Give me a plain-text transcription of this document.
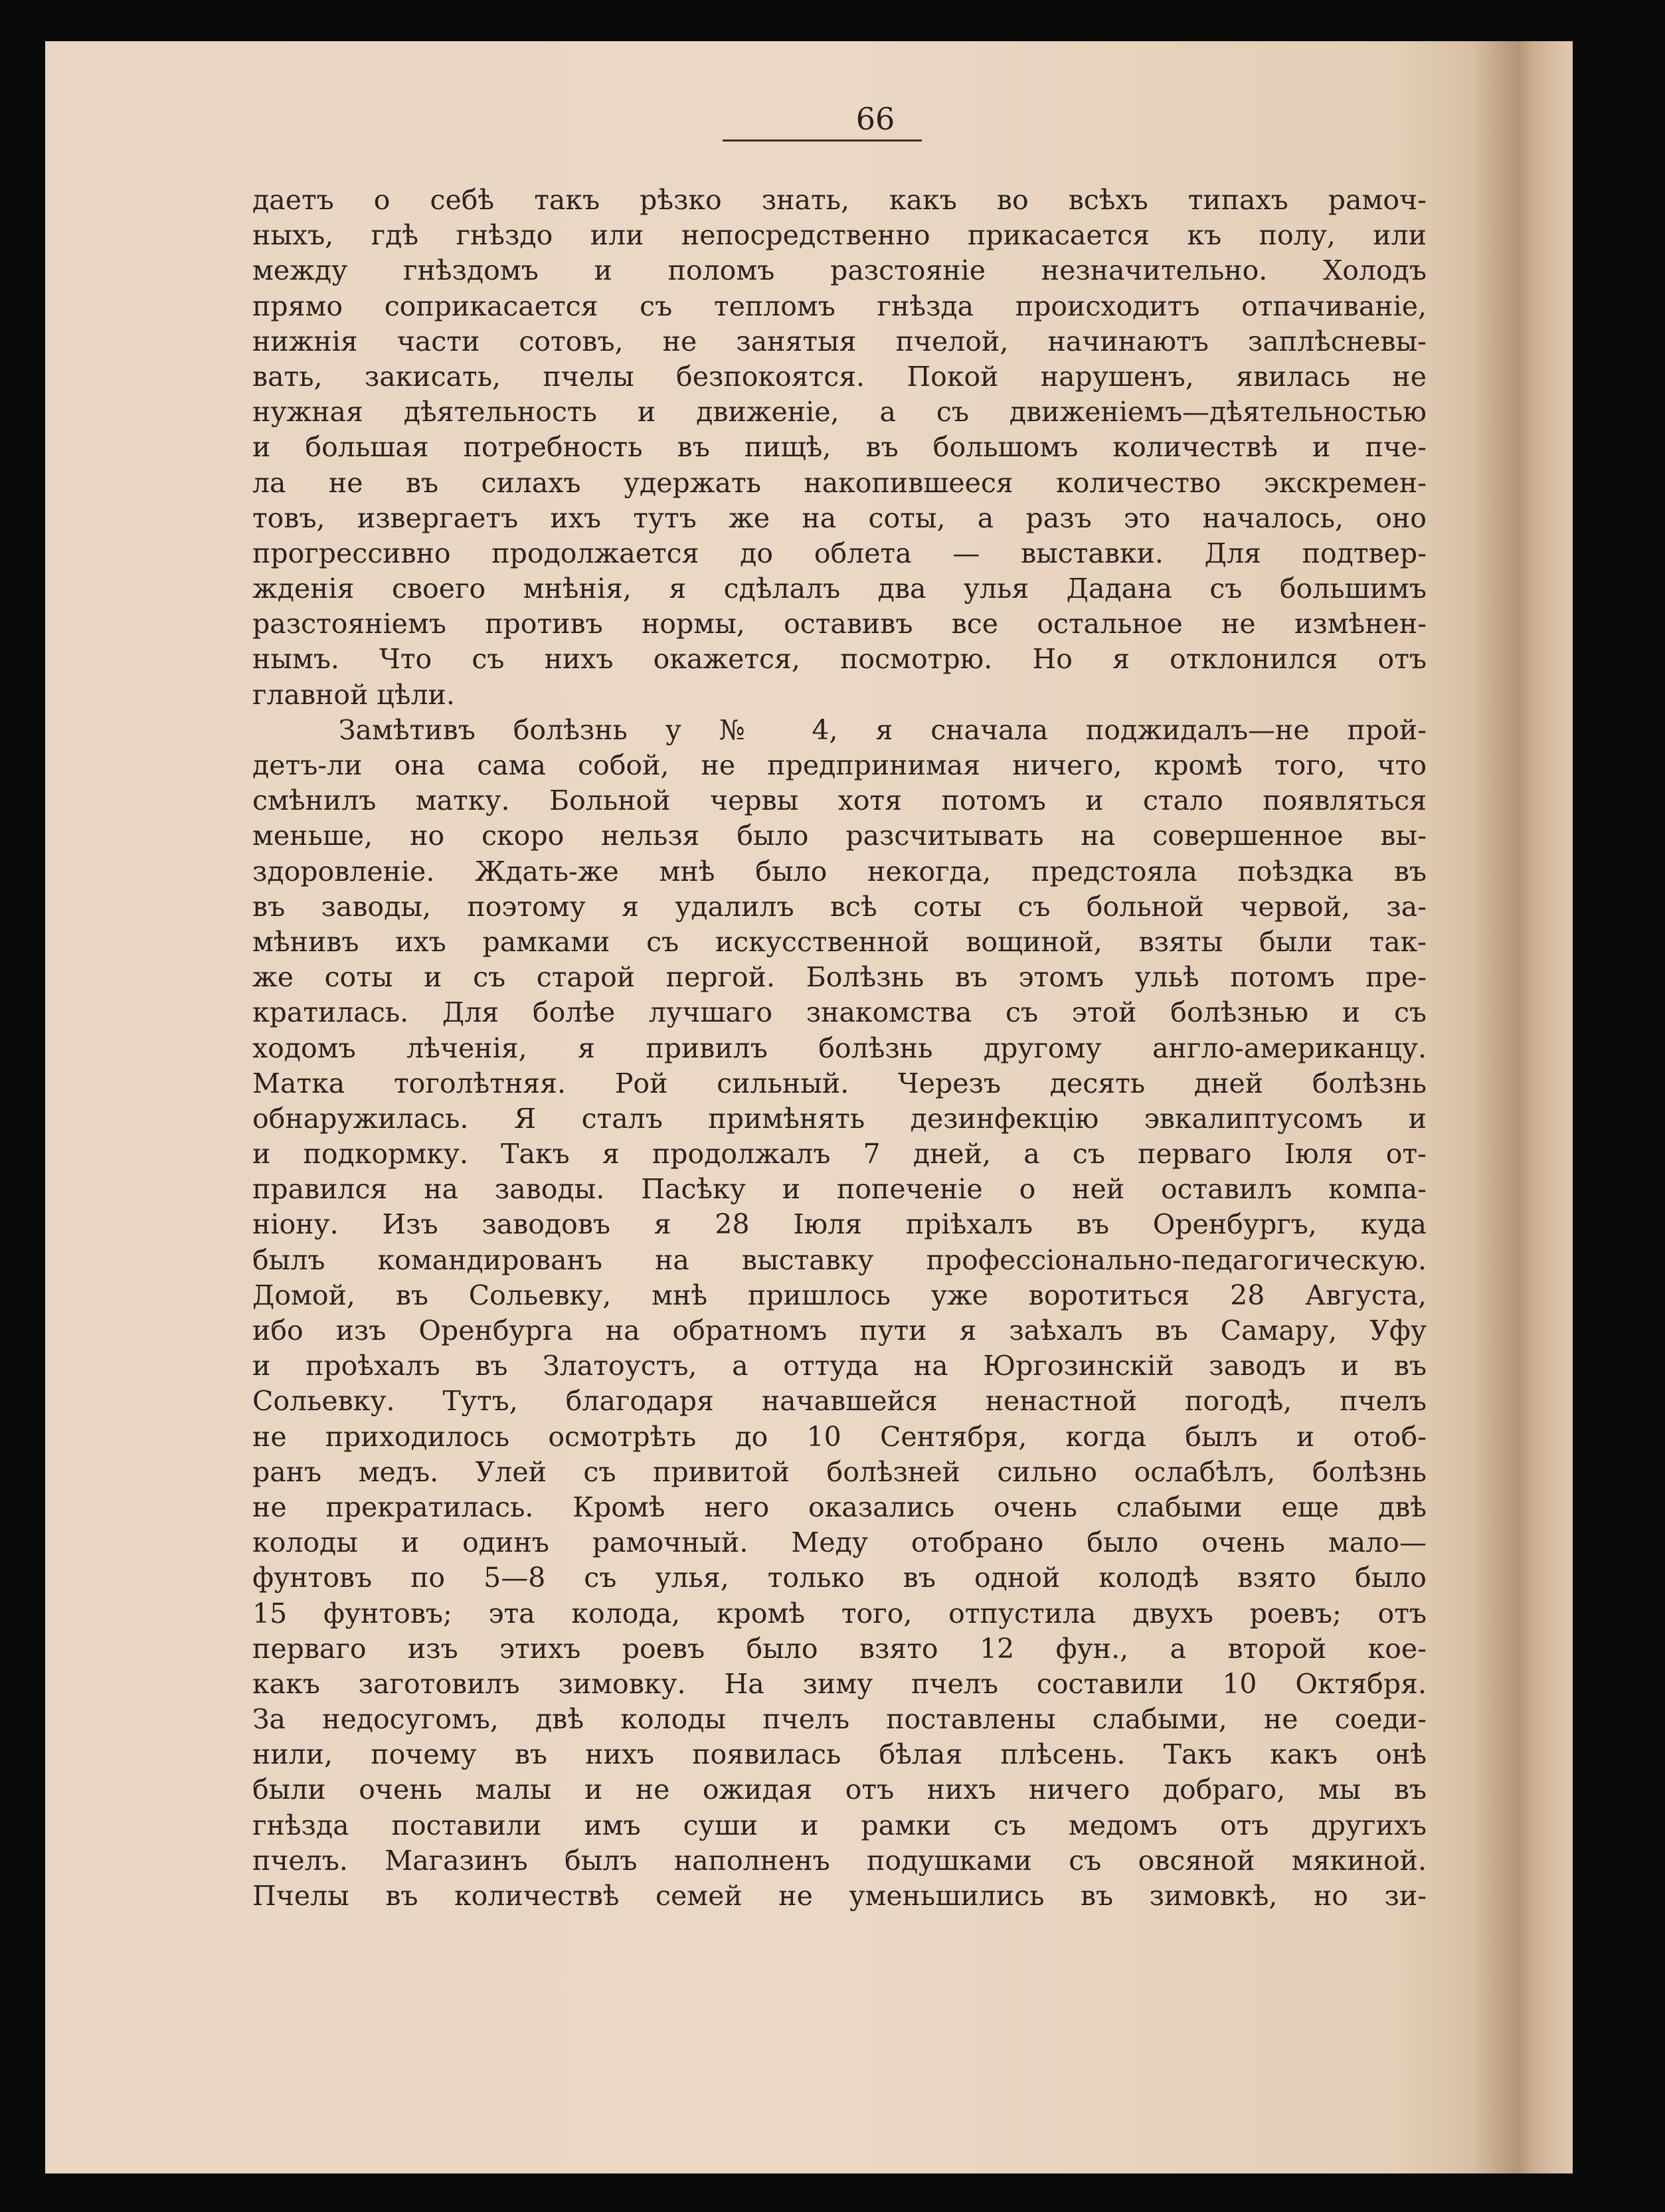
66
даетъ о себѣ такъ рѣзко знать, какъ во всѣхъ типахъ рамоч-
ныхъ, гдѣ гнѣздо или непосредственно прикасается къ полу, или
между гнѣздомъ и поломъ разстояніе незначительно. Холодъ
прямо соприкасается съ тепломъ гнѣзда происходитъ отпачиваніе,
нижнія части сотовъ, не занятыя пчелой, начинаютъ заплѣсневы-
вать, закисать, пчелы безпокоятся. Покой нарушенъ, явилась не
нужная дѣятельность и движеніе, а съ движеніемъ—дѣятельностью
и большая потребность въ пищѣ, въ большомъ количествѣ и пче-
ла не въ силахъ удержать накопившееся количество экскремен-
товъ, извергаетъ ихъ тутъ же на соты, а разъ это началось, оно
прогрессивно продолжается до облета — выставки. Для подтвер-
жденія своего мнѣнія, я сдѣлалъ два улья Дадана съ большимъ
разстояніемъ противъ нормы, оставивъ все остальное не измѣнен-
нымъ. Что съ нихъ окажется, посмотрю. Но я отклонился отъ
главной цѣли.
Замѣтивъ болѣзнь у № 4, я сначала поджидалъ—не прой-
детъ-ли она сама собой, не предпринимая ничего, кромѣ того, что
смѣнилъ матку. Больной червы хотя потомъ и стало появляться
меньше, но скоро нельзя было разсчитывать на совершенное вы-
здоровленіе. Ждать-же мнѣ было некогда, предстояла поѣздка въ
въ заводы, поэтому я удалилъ всѣ соты съ больной червой, за-
мѣнивъ ихъ рамками съ искусственной вощиной, взяты были так-
же соты и съ старой пергой. Болѣзнь въ этомъ ульѣ потомъ пре-
кратилась. Для болѣе лучшаго знакомства съ этой болѣзнью и съ
ходомъ лѣченія, я привилъ болѣзнь другому англо-американцу.
Матка тоголѣтняя. Рой сильный. Черезъ десять дней болѣзнь
обнаружилась. Я сталъ примѣнять дезинфекцію эвкалиптусомъ и
и подкормку. Такъ я продолжалъ 7 дней, а съ перваго Іюля от-
правился на заводы. Пасѣку и попеченіе о ней оставилъ компа-
ніону. Изъ заводовъ я 28 Іюля пріѣхалъ въ Оренбургъ, куда
былъ командированъ на выставку профессіонально-педагогическую.
Домой, въ Сольевку, мнѣ пришлось уже воротиться 28 Августа,
ибо изъ Оренбурга на обратномъ пути я заѣхалъ въ Самару, Уфу
и проѣхалъ въ Златоустъ, а оттуда на Юргозинскій заводъ и въ
Сольевку. Тутъ, благодаря начавшейся ненастной погодѣ, пчелъ
не приходилось осмотрѣть до 10 Сентября, когда былъ и отоб-
ранъ медъ. Улей съ привитой болѣзней сильно ослабѣлъ, болѣзнь
не прекратилась. Кромѣ него оказались очень слабыми еще двѣ
колоды и одинъ рамочный. Меду отобрано было очень мало—
фунтовъ по 5—8 съ улья, только въ одной колодѣ взято было
15 фунтовъ; эта колода, кромѣ того, отпустила двухъ роевъ; отъ
перваго изъ этихъ роевъ было взято 12 фун., а второй кое-
какъ заготовилъ зимовку. На зиму пчелъ составили 10 Октября.
За недосугомъ, двѣ колоды пчелъ поставлены слабыми, не соеди-
нили, почему въ нихъ появилась бѣлая плѣсень. Такъ какъ онѣ
были очень малы и не ожидая отъ нихъ ничего добраго, мы въ
гнѣзда поставили имъ суши и рамки съ медомъ отъ другихъ
пчелъ. Магазинъ былъ наполненъ подушками съ овсяной мякиной.
Пчелы въ количествѣ семей не уменьшились въ зимовкѣ, но зи-
